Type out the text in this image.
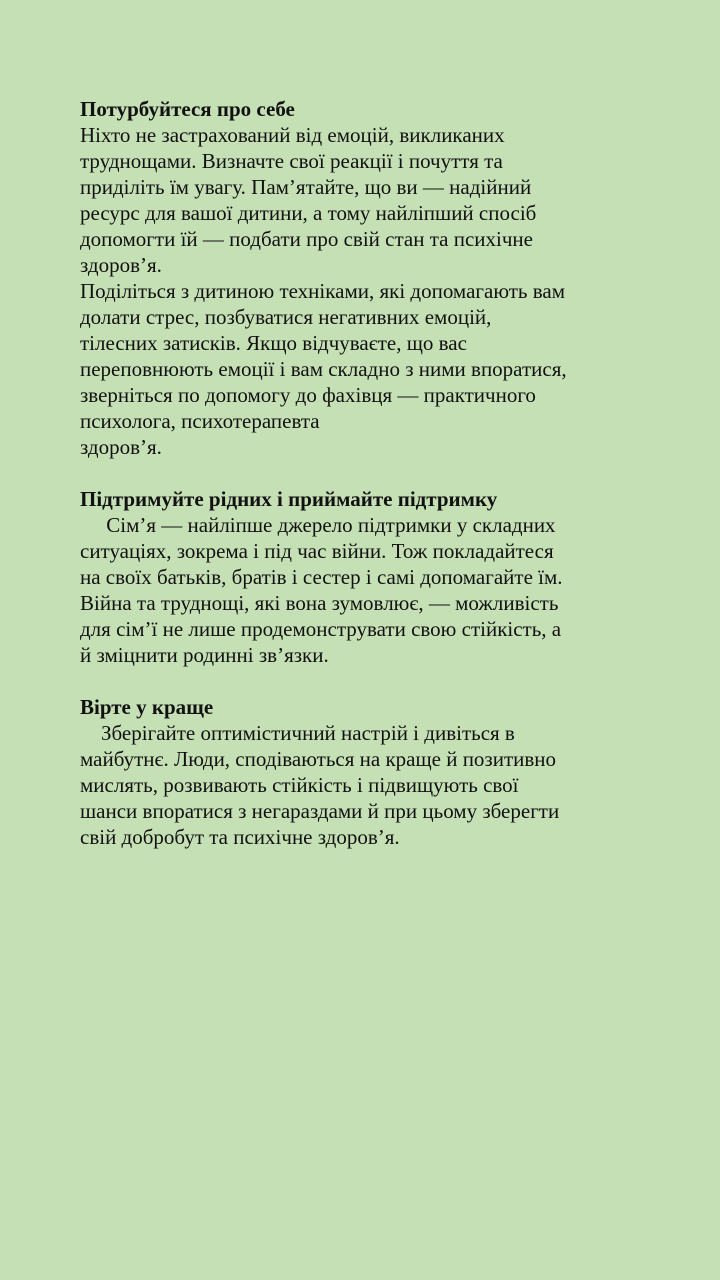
Потурбуйтеся про себе

Ніхто не застрахований від емоцій, викликаних

труднощами. Визначте свої реакції і почуття та

приділіть їм увагу. Пам’ятайте, що ви — надійний

ресурс для вашої дитини, а тому найліпший спосіб

допомогти їй — подбати про свій стан та психічне

здоров’я.

Поділіться з дитиною техніками, які допомагають вам

долати стрес, позбуватися негативних емоцій,

тілесних затисків. Якщо відчуваєте, що вас

переповнюють емоції і вам складно з ними впоратися,

зверніться по допомогу до фахівця — практичного

психолога, психотерапевта

здоров’я.

Підтримуйте рідних і приймайте підтримку

Сім’я — найліпше джерело підтримки у складних

ситуаціях, зокрема і під час війни. Тож покладайтеся

на своїх батьків, братів і сестер і самі допомагайте їм.

Війна та труднощі, які вона зумовлює, — можливість

для сім’ї не лише продемонструвати свою стійкість, а

й зміцнити родинні зв’язки.

Вірте у краще

Зберігайте оптимістичний настрій і дивіться в

майбутнє. Люди, сподіваються на краще й позитивно

мислять, розвивають стійкість і підвищують свої

шанси впоратися з негараздами й при цьому зберегти

свій добробут та психічне здоров’я.
